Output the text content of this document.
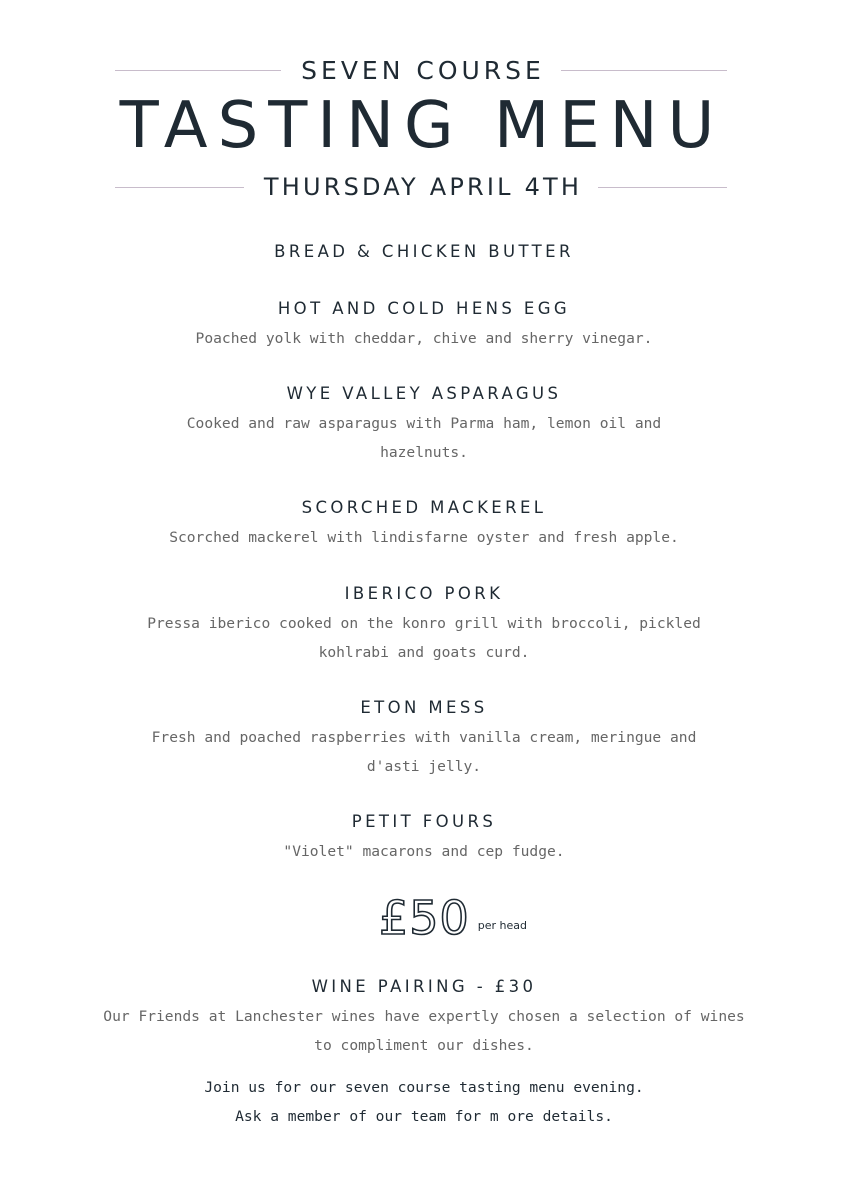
SEVEN COURSE
TASTING MENU
THURSDAY APRIL 4TH
BREAD & CHICKEN BUTTER
HOT AND COLD HENS EGG
Poached yolk with cheddar, chive and sherry vinegar.
WYE VALLEY ASPARAGUS
Cooked and raw asparagus with Parma ham, lemon oil and
hazelnuts.
SCORCHED MACKEREL
Scorched mackerel with lindisfarne oyster and fresh apple.
IBERICO PORK
Pressa iberico cooked on the konro grill with broccoli, pickled
kohlrabi and goats curd.
ETON MESS
Fresh and poached raspberries with vanilla cream, meringue and
d'asti jelly.
PETIT FOURS
"Violet" macarons and cep fudge.
£50 per head
WINE PAIRING - £30
Our Friends at Lanchester wines have expertly chosen a selection of wines
to compliment our dishes.
Join us for our seven course tasting menu evening.
Ask a member of our team for m ore details.
